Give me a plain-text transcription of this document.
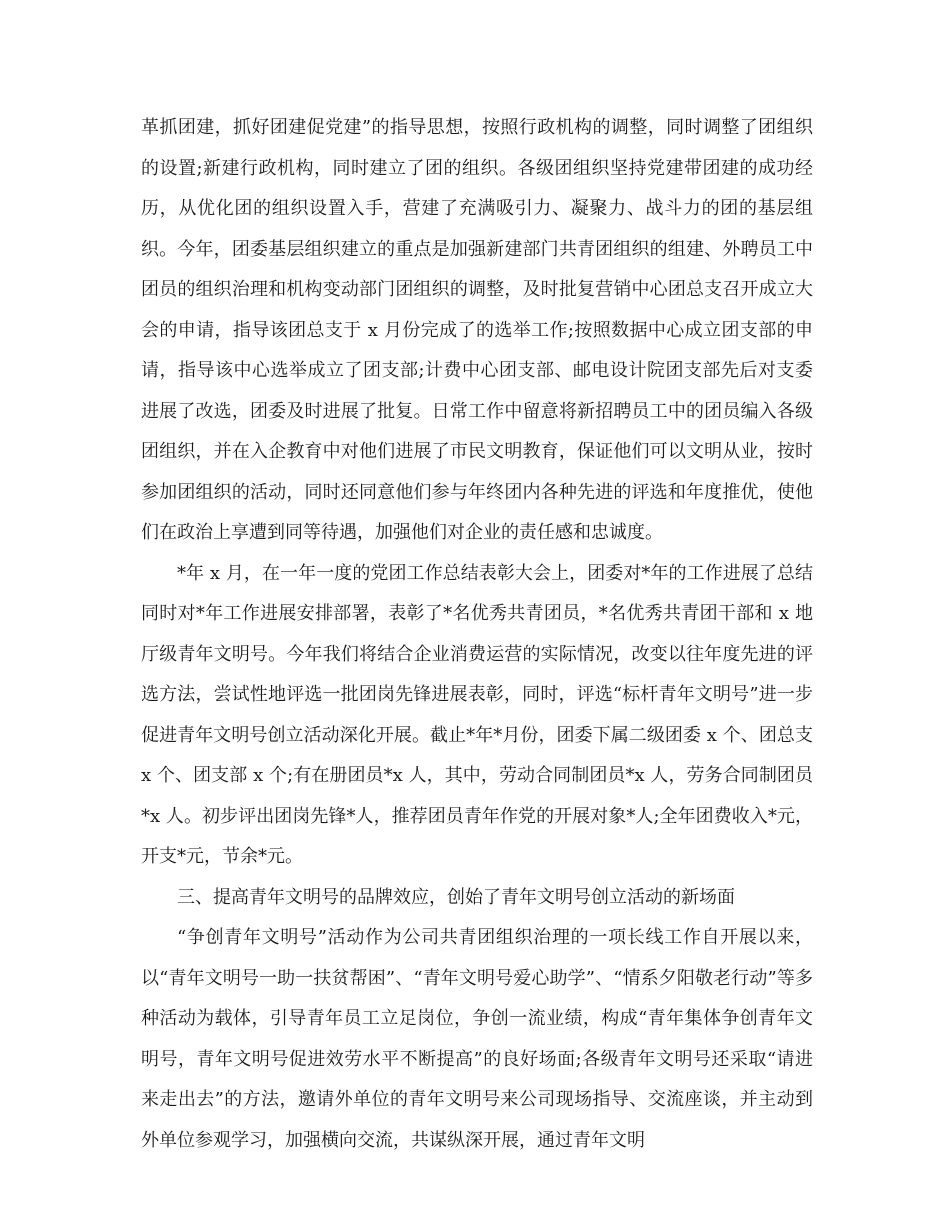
革抓团建，抓好团建促党建”的指导思想，按照行政机构的调整，同时调整了团组织的设置;新建行政机构，同时建立了团的组织。各级团组织坚持党建带团建的成功经历，从优化团的组织设置入手，营建了充满吸引力、凝聚力、战斗力的团的基层组织。今年，团委基层组织建立的重点是加强新建部门共青团组织的组建、外聘员工中团员的组织治理和机构变动部门团组织的调整，及时批复营销中心团总支召开成立大会的申请，指导该团总支于 x 月份完成了的选举工作;按照数据中心成立团支部的申请，指导该中心选举成立了团支部;计费中心团支部、邮电设计院团支部先后对支委进展了改选，团委及时进展了批复。日常工作中留意将新招聘员工中的团员编入各级团组织，并在入企教育中对他们进展了市民文明教育，保证他们可以文明从业，按时参加团组织的活动，同时还同意他们参与年终团内各种先进的评选和年度推优，使他们在政治上享遭到同等待遇，加强他们对企业的责任感和忠诚度。

*年 x 月，在一年一度的党团工作总结表彰大会上，团委对*年的工作进展了总结同时对*年工作进展安排部署，表彰了*名优秀共青团员，*名优秀共青团干部和 x 地厅级青年文明号。今年我们将结合企业消费运营的实际情况，改变以往年度先进的评选方法，尝试性地评选一批团岗先锋进展表彰，同时，评选“标杆青年文明号”进一步促进青年文明号创立活动深化开展。截止*年*月份，团委下属二级团委 x 个、团总支 x 个、团支部 x 个;有在册团员*x 人，其中，劳动合同制团员*x 人，劳务合同制团员*x 人。初步评出团岗先锋*人，推荐团员青年作党的开展对象*人;全年团费收入*元，开支*元，节余*元。

三、提高青年文明号的品牌效应，创始了青年文明号创立活动的新场面

“争创青年文明号”活动作为公司共青团组织治理的一项长线工作自开展以来，以“青年文明号一助一扶贫帮困”、“青年文明号爱心助学”、“情系夕阳敬老行动”等多种活动为载体，引导青年员工立足岗位，争创一流业绩，构成“青年集体争创青年文明号，青年文明号促进效劳水平不断提高”的良好场面;各级青年文明号还采取“请进来走出去”的方法，邀请外单位的青年文明号来公司现场指导、交流座谈，并主动到外单位参观学习，加强横向交流，共谋纵深开展，通过青年文明
